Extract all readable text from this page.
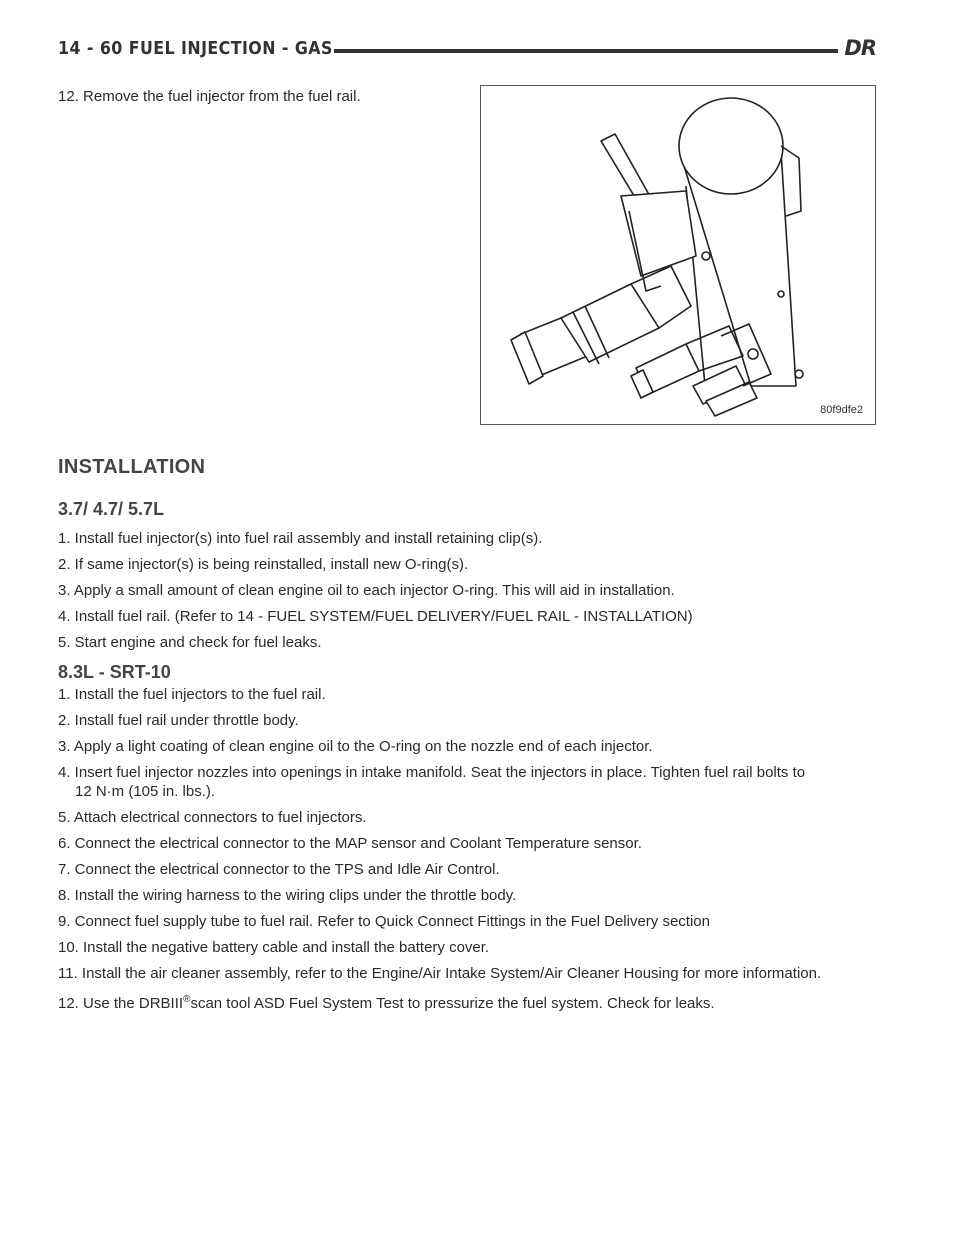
14 - 60 FUEL INJECTION - GAS	DR
12. Remove the fuel injector from the fuel rail.
80f9dfe2
INSTALLATION
3.7/ 4.7/ 5.7L
1. Install fuel injector(s) into fuel rail assembly and install retaining clip(s).
2. If same injector(s) is being reinstalled, install new O-ring(s).
3. Apply a small amount of clean engine oil to each injector O-ring. This will aid in installation.
4. Install fuel rail. (Refer to 14 - FUEL SYSTEM/FUEL DELIVERY/FUEL RAIL - INSTALLATION)
5. Start engine and check for fuel leaks.
8.3L - SRT-10
1. Install the fuel injectors to the fuel rail.
2. Install fuel rail under throttle body.
3. Apply a light coating of clean engine oil to the O-ring on the nozzle end of each injector.
4. Insert fuel injector nozzles into openings in intake manifold. Seat the injectors in place. Tighten fuel rail bolts to
12 N·m (105 in. lbs.).
5. Attach electrical connectors to fuel injectors.
6. Connect the electrical connector to the MAP sensor and Coolant Temperature sensor.
7. Connect the electrical connector to the TPS and Idle Air Control.
8. Install the wiring harness to the wiring clips under the throttle body.
9. Connect fuel supply tube to fuel rail. Refer to Quick Connect Fittings in the Fuel Delivery section
10. Install the negative battery cable and install the battery cover.
11. Install the air cleaner assembly, refer to the Engine/Air Intake System/Air Cleaner Housing for more information.
12. Use the DRBIII®scan tool ASD Fuel System Test to pressurize the fuel system. Check for leaks.
